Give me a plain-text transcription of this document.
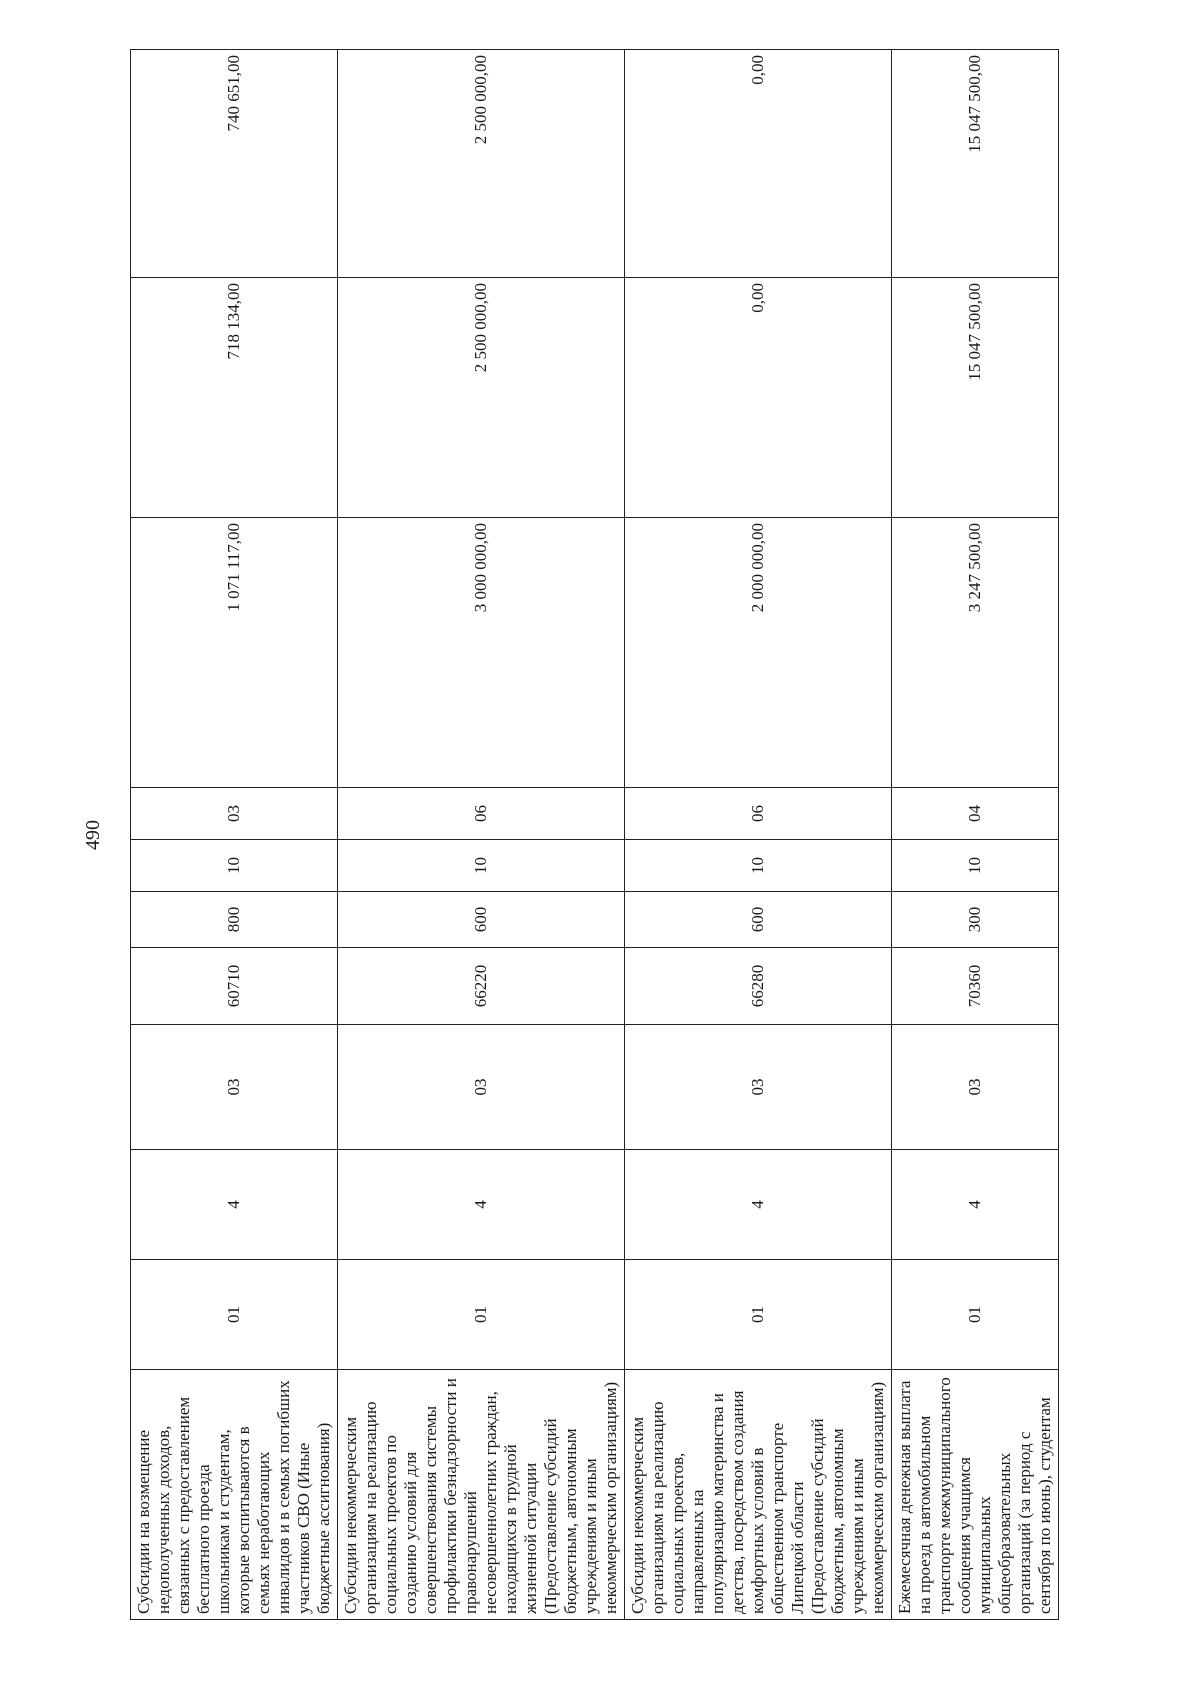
490
Субсидии на возмещение недополученных доходов, связанных с предоставлением бесплатного проезда школьникам и студентам, которые воспитываются в семьях неработающих инвалидов и в семьях погибших участников СВО (Иные бюджетные ассигнования)	01	4	03	60710	800	10	03	1 071 117,00	718 134,00	740 651,00
Субсидии некоммерческим организациям на реализацию социальных проектов по созданию условий для совершенствования системы профилактики безнадзорности и правонарушений несовершеннолетних граждан, находящихся в трудной жизненной ситуации (Предоставление субсидий бюджетным, автономным учреждениям и иным некоммерческим организациям)	01	4	03	66220	600	10	06	3 000 000,00	2 500 000,00	2 500 000,00
Субсидии некоммерческим организациям на реализацию социальных проектов, направленных на популяризацию материнства и детства, посредством создания комфортных условий в общественном транспорте Липецкой области (Предоставление субсидий бюджетным, автономным учреждениям и иным некоммерческим организациям)	01	4	03	66280	600	10	06	2 000 000,00	0,00	0,00
Ежемесячная денежная выплата на проезд в автомобильном транспорте межмуниципального сообщения учащимся муниципальных общеобразовательных организаций (за период с сентября по июнь), студентам	01	4	03	70360	300	10	04	3 247 500,00	15 047 500,00	15 047 500,00
